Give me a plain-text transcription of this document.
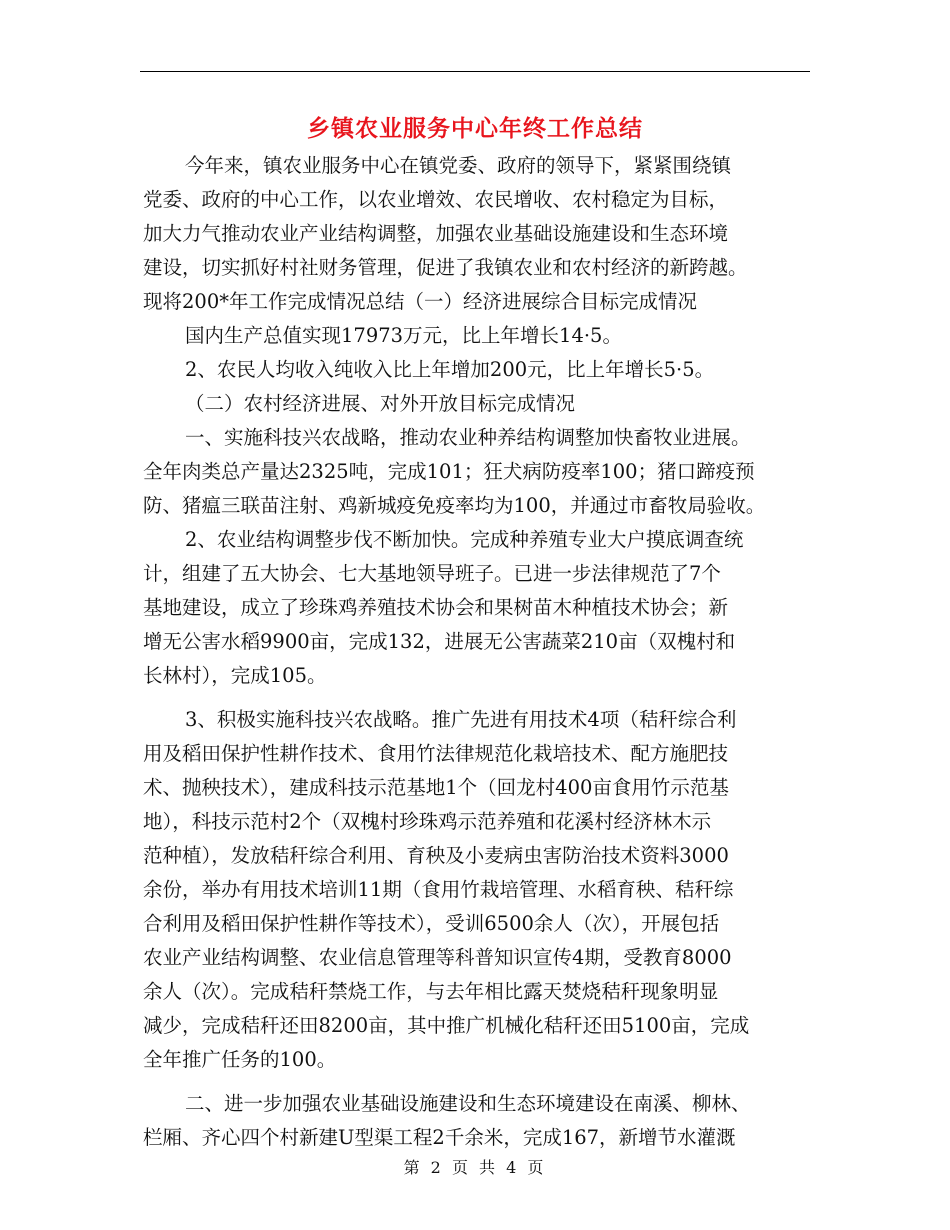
乡镇农业服务中心年终工作总结
今年来，镇农业服务中心在镇党委、政府的领导下，紧紧围绕镇
党委、政府的中心工作，以农业增效、农民增收、农村稳定为目标，
加大力气推动农业产业结构调整，加强农业基础设施建设和生态环境
建设，切实抓好村社财务管理，促进了我镇农业和农村经济的新跨越。
现将200*年工作完成情况总结（一）经济进展综合目标完成情况
国内生产总值实现17973万元，比上年增长14·5。
2、农民人均收入纯收入比上年增加200元，比上年增长5·5。
（二）农村经济进展、对外开放目标完成情况
一、实施科技兴农战略，推动农业种养结构调整加快畜牧业进展。
全年肉类总产量达2325吨，完成101；狂犬病防疫率100；猪口蹄疫预
防、猪瘟三联苗注射、鸡新城疫免疫率均为100，并通过市畜牧局验收。
2、农业结构调整步伐不断加快。完成种养殖专业大户摸底调查统
计，组建了五大协会、七大基地领导班子。已进一步法律规范了7个
基地建设，成立了珍珠鸡养殖技术协会和果树苗木种植技术协会；新
增无公害水稻9900亩，完成132，进展无公害蔬菜210亩（双槐村和
长林村），完成105。
3、积极实施科技兴农战略。推广先进有用技术4项（秸秆综合利
用及稻田保护性耕作技术、食用竹法律规范化栽培技术、配方施肥技
术、抛秧技术），建成科技示范基地1个（回龙村400亩食用竹示范基
地），科技示范村2个（双槐村珍珠鸡示范养殖和花溪村经济林木示
范种植），发放秸秆综合利用、育秧及小麦病虫害防治技术资料3000
余份，举办有用技术培训11期（食用竹栽培管理、水稻育秧、秸秆综
合利用及稻田保护性耕作等技术），受训6500余人（次），开展包括
农业产业结构调整、农业信息管理等科普知识宣传4期，受教育8000
余人（次）。完成秸秆禁烧工作，与去年相比露天焚烧秸秆现象明显
减少，完成秸秆还田8200亩，其中推广机械化秸秆还田5100亩，完成
全年推广任务的100。
二、进一步加强农业基础设施建设和生态环境建设在南溪、柳林、
栏厢、齐心四个村新建U型渠工程2千余米，完成167，新增节水灌溉
第 2 页 共 4 页
